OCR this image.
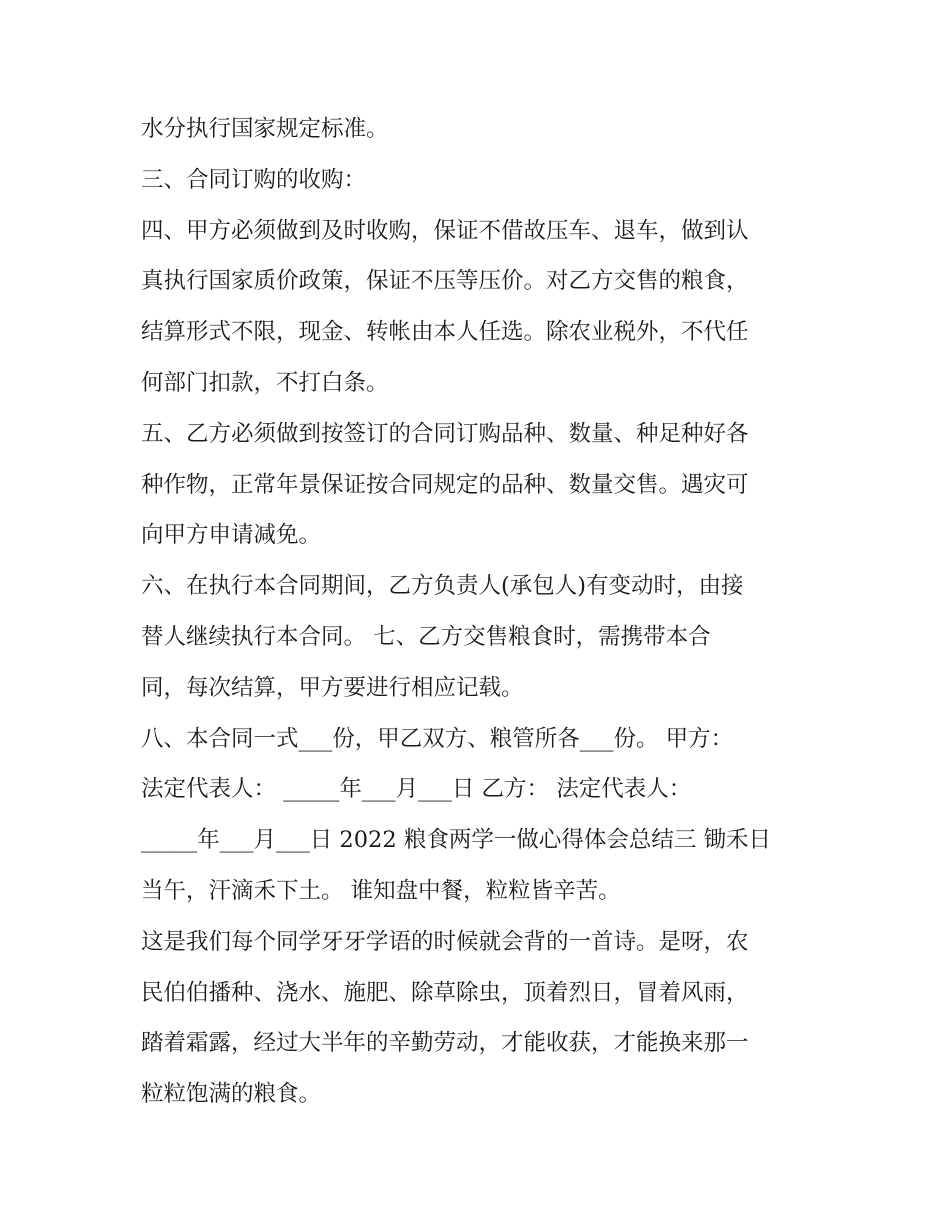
水分执行国家规定标准。
三、合同订购的收购：
四、甲方必须做到及时收购，保证不借故压车、退车，做到认
真执行国家质价政策，保证不压等压价。对乙方交售的粮食，
结算形式不限，现金、转帐由本人任选。除农业税外，不代任
何部门扣款，不打白条。
五、乙方必须做到按签订的合同订购品种、数量、种足种好各
种作物，正常年景保证按合同规定的品种、数量交售。遇灾可
向甲方申请减免。
六、在执行本合同期间，乙方负责人(承包人)有变动时，由接
替人继续执行本合同。 七、乙方交售粮食时，需携带本合
同，每次结算，甲方要进行相应记载。
八、本合同一式___份，甲乙双方、粮管所各___份。 甲方：
法定代表人： _____年___月___日 乙方： 法定代表人：
_____年___月___日 2022 粮食两学一做心得体会总结三 锄禾日
当午，汗滴禾下土。 谁知盘中餐，粒粒皆辛苦。
这是我们每个同学牙牙学语的时候就会背的一首诗。是呀，农
民伯伯播种、浇水、施肥、除草除虫，顶着烈日，冒着风雨，
踏着霜露，经过大半年的辛勤劳动，才能收获，才能换来那一
粒粒饱满的粮食。
